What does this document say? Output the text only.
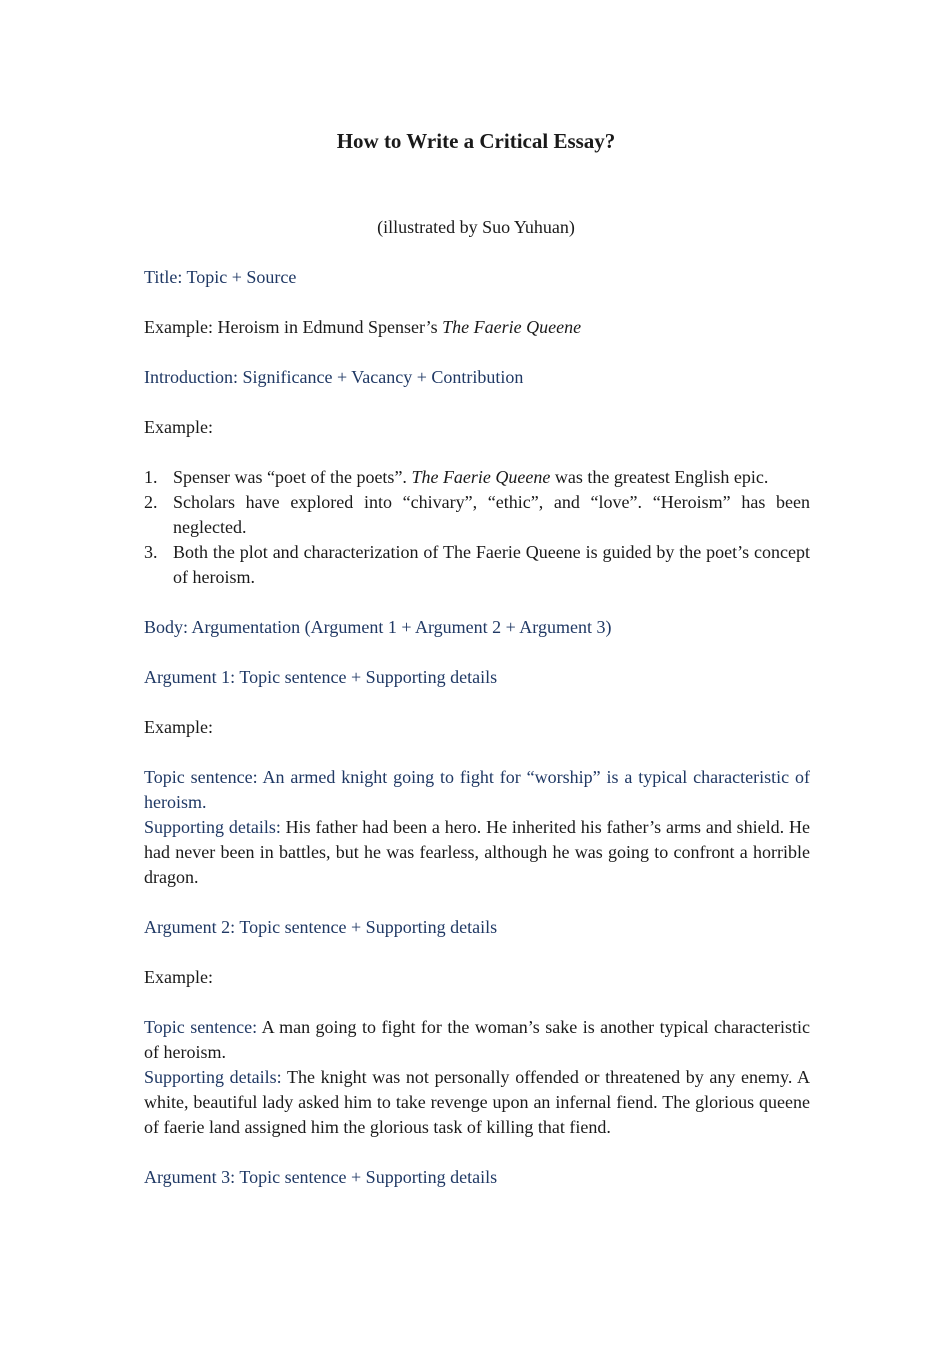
How to Write a Critical Essay?
(illustrated by Suo Yuhuan)
Title: Topic + Source
Example: Heroism in Edmund Spenser’s The Faerie Queene
Introduction: Significance + Vacancy + Contribution
Example:
1. Spenser was “poet of the poets”. The Faerie Queene was the greatest English epic.
2. Scholars have explored into “chivary”, “ethic”, and “love”. “Heroism” has been neglected.
3. Both the plot and characterization of The Faerie Queene is guided by the poet’s concept of heroism.
Body: Argumentation (Argument 1 + Argument 2 + Argument 3)
Argument 1: Topic sentence + Supporting details
Example:
Topic sentence: An armed knight going to fight for “worship” is a typical characteristic of heroism.
Supporting details: His father had been a hero. He inherited his father’s arms and shield. He had never been in battles, but he was fearless, although he was going to confront a horrible dragon.
Argument 2: Topic sentence + Supporting details
Example:
Topic sentence: A man going to fight for the woman’s sake is another typical characteristic of heroism.
Supporting details: The knight was not personally offended or threatened by any enemy. A white, beautiful lady asked him to take revenge upon an infernal fiend. The glorious queene of faerie land assigned him the glorious task of killing that fiend.
Argument 3: Topic sentence + Supporting details
